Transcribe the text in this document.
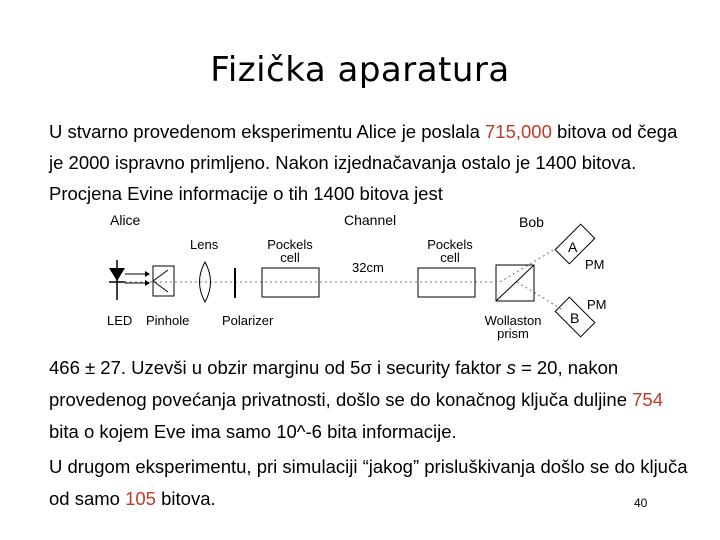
Fizička aparatura

U stvarno provedenom eksperimentu Alice je poslala 715,000 bitova od čega je 2000 ispravno primljeno. Nakon izjednačavanja ostalo je 1400 bitova. Procjena Evine informacije o tih 1400 bitova jest

Alice	Channel	Bob
Lens	Pockels cell
32cm
Pockels cell
A
PM
LED Pinhole	Polarizer	Wollaston prism
B
PM

466 ± 27. Uzevši u obzir marginu od 5σ i security faktor s = 20, nakon provedenog povećanja privatnosti, došlo se do konačnog ključa duljine 754 bita o kojem Eve ima samo 10^-6 bita informacije.

U drugom eksperimentu, pri simulaciji “jakog” prisluškivanja došlo se do ključa od samo 105 bitova.	40
